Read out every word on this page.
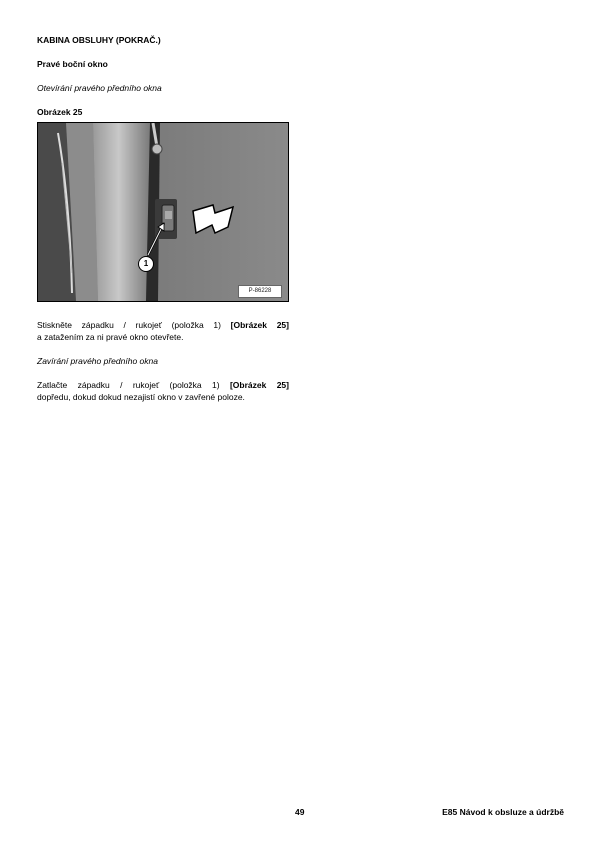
KABINA OBSLUHY (POKRAČ.)
Pravé boční okno
Otevírání pravého předního okna
Obrázek 25
1
P-86228
Stiskněte západku / rukojeť (položka 1) [Obrázek 25]
a zatažením za ni pravé okno otevřete.
Zavírání pravého předního okna
Zatlačte západku / rukojeť (položka 1) [Obrázek 25]
dopředu, dokud dokud nezajistí okno v zavřené poloze.
49	E85 Návod k obsluze a údržbě
